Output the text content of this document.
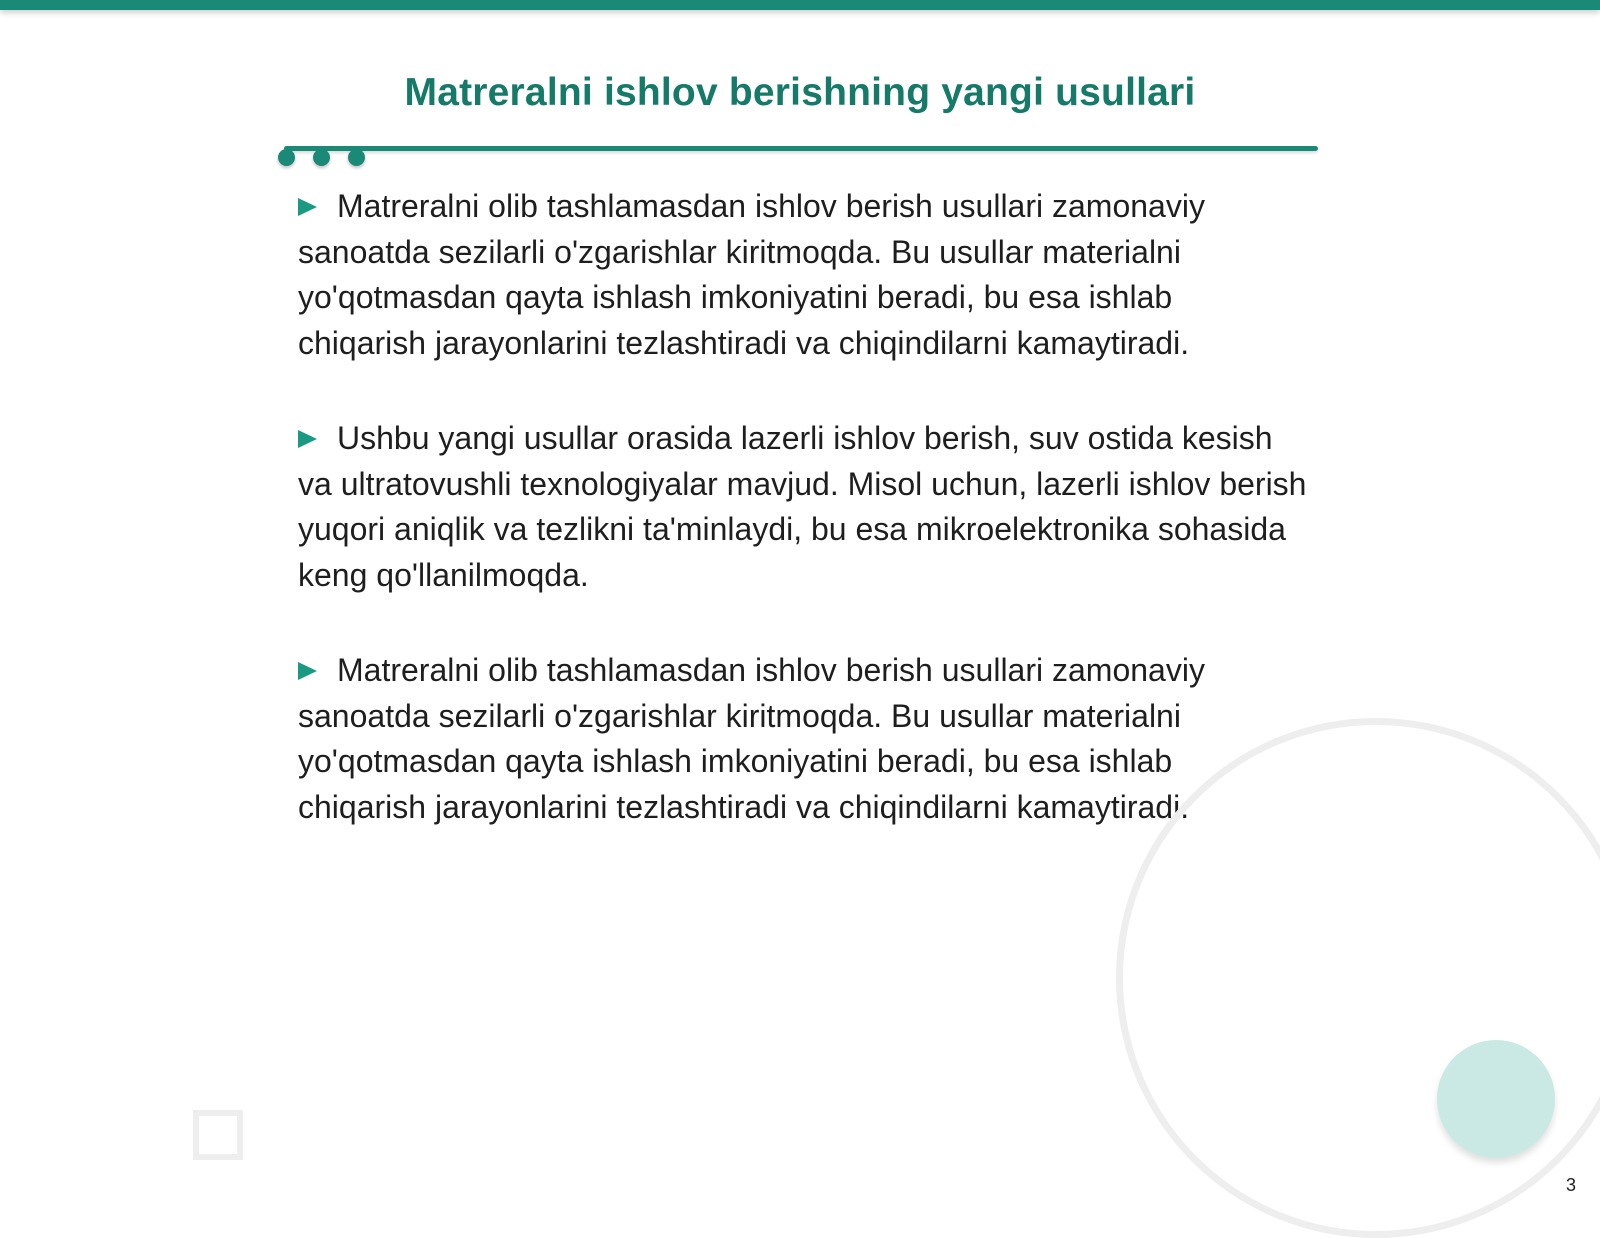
Matreralni ishlov berishning yangi usullari
Matreralni olib tashlamasdan ishlov berish usullari zamonaviy sanoatda sezilarli o'zgarishlar kiritmoqda. Bu usullar materialni yo'qotmasdan qayta ishlash imkoniyatini beradi, bu esa ishlab chiqarish jarayonlarini tezlashtiradi va chiqindilarni kamaytiradi.
Ushbu yangi usullar orasida lazerli ishlov berish, suv ostida kesish va ultratovushli texnologiyalar mavjud. Misol uchun, lazerli ishlov berish yuqori aniqlik va tezlikni ta'minlaydi, bu esa mikroelektronika sohasida keng qo'llanilmoqda.
Matreralni olib tashlamasdan ishlov berish usullari zamonaviy sanoatda sezilarli o'zgarishlar kiritmoqda. Bu usullar materialni yo'qotmasdan qayta ishlash imkoniyatini beradi, bu esa ishlab chiqarish jarayonlarini tezlashtiradi va chiqindilarni kamaytiradi.
3
